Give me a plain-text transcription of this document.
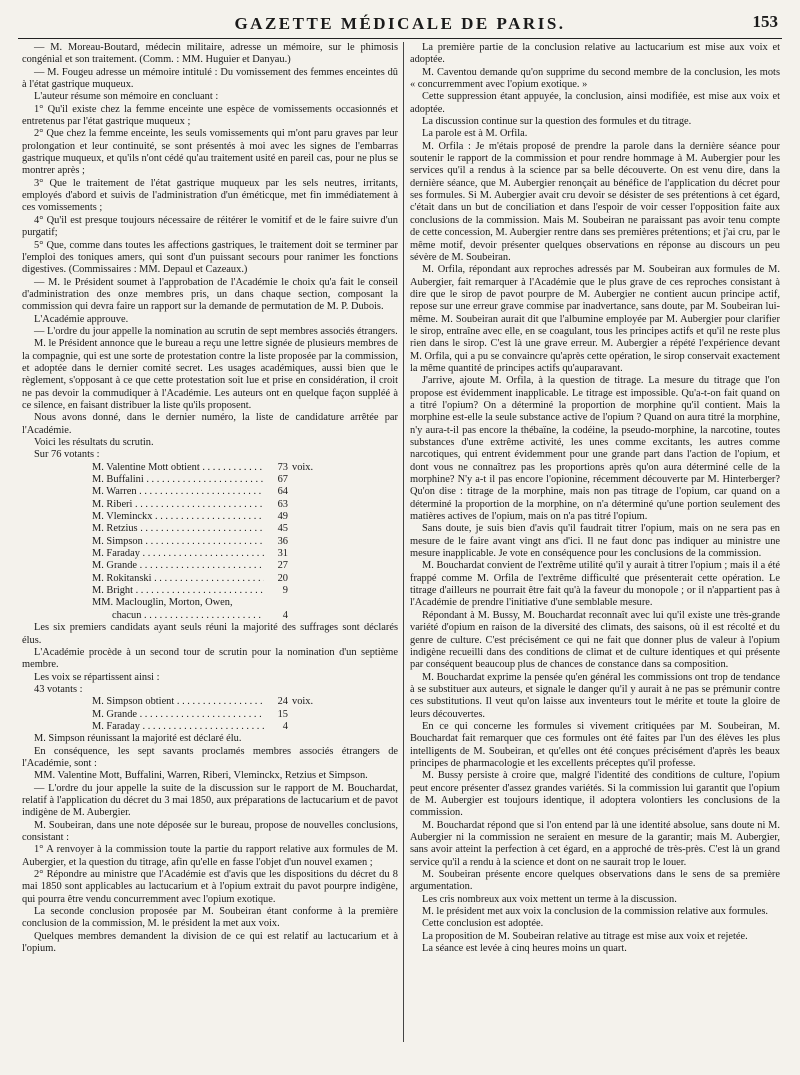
GAZETTE MÉDICALE DE PARIS.	153

— M. Moreau-Boutard, médecin militaire, adresse un mémoire, sur le phimosis congénial et son traitement. (Comm. : MM. Huguier et Danyau.)

— M. Fougeu adresse un mémoire intitulé : Du vomissement des femmes enceintes dû à l'état gastrique muqueux.

L'auteur résume son mémoire en concluant :

1° Qu'il existe chez la femme enceinte une espèce de vomissements occasionnés et entretenus par l'état gastrique muqueux ;

2° Que chez la femme enceinte, les seuls vomissements qui m'ont paru graves par leur prolongation et leur continuité, se sont présentés à moi avec les signes de l'embarras gastrique muqueux, et qu'ils n'ont cédé qu'au traitement usité en pareil cas, pour ne plus se montrer après ;

3° Que le traitement de l'état gastrique muqueux par les sels neutres, irritants, employés d'abord et suivis de l'administration d'un éméticque, met fin immédiatement à ces vomissements ;

4° Qu'il est presque toujours nécessaire de réitérer le vomitif et de le faire suivre d'un purgatif;

5° Que, comme dans toutes les affections gastriques, le traitement doit se terminer par l'emploi des toniques amers, qui sont d'un puissant secours pour ranimer les fonctions digestives. (Commissaires : MM. Depaul et Cazeaux.)

— M. le Président soumet à l'approbation de l'Académie le choix qu'a fait le conseil d'administration des onze membres pris, un dans chaque section, composant la commission qui devra faire un rapport sur la demande de permutation de M. P. Dubois.

L'Académie approuve.

— L'ordre du jour appelle la nomination au scrutin de sept membres associés étrangers.

M. le Président annonce que le bureau a reçu une lettre signée de plusieurs membres de la compagnie, qui est une sorte de protestation contre la liste proposée par la commission, et adoptée dans le dernier comité secret. Les usages académiques, aussi bien que le règlement, s'opposant à ce que cette protestation soit lue et prise en considération, il croit ne pas devoir la commudiquer à l'Académie. Les auteurs ont en quelque façon suppléé à ce silence, en faisant distribuer la liste qu'ils proposent.

Nous avons donné, dans le dernier numéro, la liste de candidature arrêtée par l'Académie.

Voici les résultats du scrutin.

Sur 76 votants :

M. Valentine Mott obtient . . .	73 voix.
M. Buffalini . . .	67
M. Warren . . .	64
M. Riberi . . .	63
M. Vleminckx . . .	49
M. Retzius . . .	45
M. Simpson . . .	36
M. Faraday . . .	31
M. Grande . . .	27
M. Rokitanski . . .	20
M. Bright . . .	9
MM. Maclouglin, Morton, Owen,
chacun . . .	4

Les six premiers candidats ayant seuls réuni la majorité des suffrages sont déclarés élus.

L'Académie procède à un second tour de scrutin pour la nomination d'un septième membre.

Les voix se répartissent ainsi :

43 votants :

M. Simpson obtient . . .	24 voix.
M. Grande . . .	15
M. Faraday . . .	4

M. Simpson réunissant la majorité est déclaré élu.

En conséquence, les sept savants proclamés membres associés étrangers de l'Académie, sont :

MM. Valentine Mott, Buffalini, Warren, Riberi, Vleminckx, Retzius et Simpson.

— L'ordre du jour appelle la suite de la discussion sur le rapport de M. Bouchardat, relatif à l'application du décret du 3 mai 1850, aux préparations de lactucarium et de pavot indigène de M. Aubergier.

M. Soubeiran, dans une note déposée sur le bureau, propose de nouvelles conclusions, consistant :

1° A renvoyer à la commission toute la partie du rapport relative aux formules de M. Aubergier, et la question du titrage, afin qu'elle en fasse l'objet d'un nouvel examen ;

2° Répondre au ministre que l'Académie est d'avis que les dispositions du décret du 8 mai 1850 sont applicables au lactucarium et à l'opium extrait du pavot pourpre indigène, qui pourra être vendu concurremment avec l'opium exotique.

La seconde conclusion proposée par M. Soubeiran étant conforme à la première conclusion de la commission, M. le président la met aux voix.

Quelques membres demandent la division de ce qui est relatif au lactucarium et à l'opium.

La première partie de la conclusion relative au lactucarium est mise aux voix et adoptée.

M. Caventou demande qu'on supprime du second membre de la conclusion, les mots « concurremment avec l'opium exotique. »

Cette suppression étant appuyée, la conclusion, ainsi modifiée, est mise aux voix et adoptée.

La discussion continue sur la question des formules et du titrage.

La parole est à M. Orfila.

M. Orfila : Je m'étais proposé de prendre la parole dans la dernière séance pour soutenir le rapport de la commission et pour rendre hommage à M. Aubergier pour les services qu'il a rendus à la science par sa belle découverte. On est venu dire, dans la dernière séance, que M. Aubergier renonçait au bénéfice de l'application du décret pour ses formules. Si M. Aubergier avait cru devoir se désister de ses prétentions à cet égard, c'était dans un but de conciliation et dans l'espoir de voir cesser l'opposition faite aux conclusions de la commission. Mais M. Soubeiran ne paraissant pas avoir tenu compte de cette concession, M. Aubergier rentre dans ses premières prétentions; et j'ai cru, par le même motif, devoir présenter quelques observations en réponse au discours un peu sévère de M. Soubeiran.

M. Orfila, répondant aux reproches adressés par M. Soubeiran aux formules de M. Aubergier, fait remarquer à l'Académie que le plus grave de ces reproches consistant à dire que le sirop de pavot pourpre de M. Aubergier ne contient aucun principe actif, repose sur une erreur grave commise par inadvertance, sans doute, par M. Soubeiran lui-même. M. Soubeiran aurait dit que l'albumine employée par M. Aubergier pour clarifier le sirop, entraîne avec elle, en se coagulant, tous les principes actifs et qu'il ne reste plus rien dans le sirop. C'est là une grave erreur. M. Aubergier a répété l'expérience devant M. Orfila, qui a pu se convaincre qu'après cette opération, le sirop conservait exactement la même quantité de principes actifs qu'auparavant.

J'arrive, ajoute M. Orfila, à la question de titrage. La mesure du titrage que l'on propose est évidemment inapplicable. Le titrage est impossible. Qu'a-t-on fait quand on a titré l'opium? On a déterminé la proportion de morphine qu'il contient. Mais la morphine est-elle la seule substance active de l'opium ? Quand on aura titré la morphine, n'y aura-t-il pas encore la thébaïne, la codéine, la pseudo-morphine, la narcotine, toutes substances d'une extrême activité, les unes comme excitants, les autres comme narcotiques, qui entrent évidemment pour une grande part dans l'action de l'opium, et dont vous ne connaîtrez pas les proportions après qu'on aura déterminé celle de la morphine? N'y a-t il pas encore l'opionine, récemment découverte par M. Hinterberger? Qu'on dise : titrage de la morphine, mais non pas titrage de l'opium, car quand on a déterminé la proportion de la morphine, on n'a déterminé qu'une portion seulement des matières actives de l'opium, mais on n'a pas titré l'opium.

Sans doute, je suis bien d'avis qu'il faudrait titrer l'opium, mais on ne sera pas en mesure de le faire avant vingt ans d'ici. Il ne faut donc pas indiquer au ministre une mesure inapplicable. Je vote en conséquence pour les conclusions de la commission.

M. Bouchardat convient de l'extrême utilité qu'il y aurait à titrer l'opium ; mais il a été frappé comme M. Orfila de l'extrême difficulté que présenterait cette opération. Le titrage d'ailleurs ne pourrait être fait qu'à la faveur du monopole ; or il n'appartient pas à l'Académie de prendre l'initiative d'une semblable mesure.

Répondant à M. Bussy, M. Bouchardat reconnaît avec lui qu'il existe une très-grande variété d'opium en raison de la diversité des climats, des saisons, où il est récolté et du genre de culture. C'est précisément ce qui ne fait que donner plus de valeur à l'opium indigène recueilli dans des conditions de climat et de culture identiques et qui présente par conséquent beaucoup plus de chances de constance dans sa composition.

M. Bouchardat exprime la pensée qu'en général les commissions ont trop de tendance à se substituer aux auteurs, et signale le danger qu'il y aurait à ne pas se prémunir contre ces substitutions. Il veut qu'on laisse aux inventeurs tout le mérite et toute la gloire de leurs découvertes.

En ce qui concerne les formules si vivement critiquées par M. Soubeiran, M. Bouchardat fait remarquer que ces formules ont été faites par l'un des élèves les plus intelligents de M. Soubeiran, et qu'elles ont été conçues précisément d'après les beaux principes de pharmacologie et les excellents préceptes qu'il professe.

M. Bussy persiste à croire que, malgré l'identité des conditions de culture, l'opium peut encore présenter d'assez grandes variétés. Si la commission lui garantit que l'opium de M. Aubergier est toujours identique, il adoptera volontiers les conclusions de la commission.

M. Bouchardat répond que si l'on entend par là une identité absolue, sans doute ni M. Aubergier ni la commission ne seraient en mesure de la garantir; mais M. Aubergier, sans avoir atteint la perfection à cet égard, en a approché de très-près. C'est là un grand service qu'il a rendu à la science et dont on ne saurait trop le louer.

M. Soubeiran présente encore quelques observations dans le sens de sa première argumentation.

Les cris nombreux aux voix mettent un terme à la discussion.

M. le président met aux voix la conclusion de la commission relative aux formules.

Cette conclusion est adoptée.

La proposition de M. Soubeiran relative au titrage est mise aux voix et rejetée.

La séance est levée à cinq heures moins un quart.
